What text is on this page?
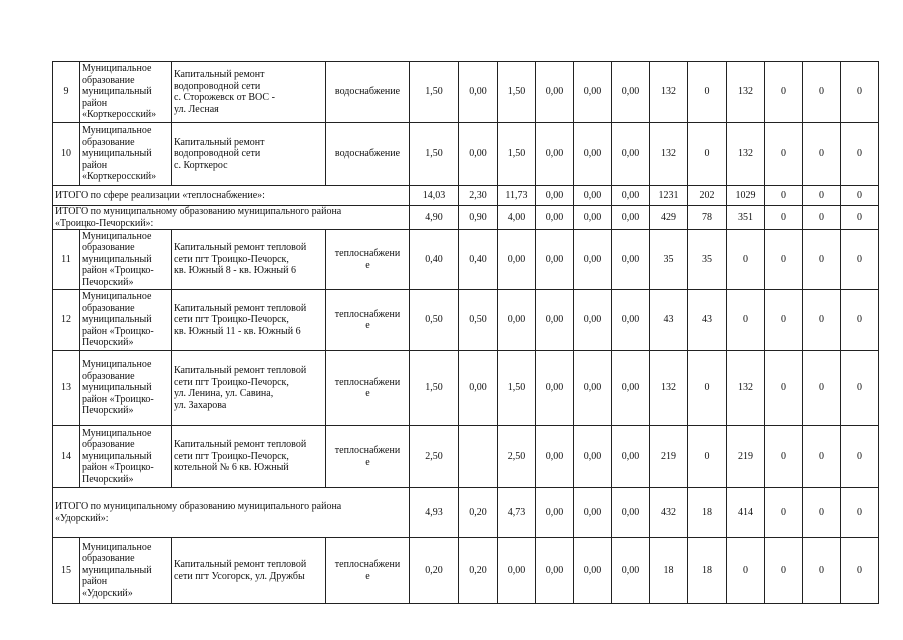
9	Муниципальное
образование
муниципальный
район
«Корткеросский»	Капитальный ремонт
водопроводной сети
с. Сторожевск от ВОС -
ул. Лесная	водоснабжение	1,50	0,00	1,50	0,00	0,00	0,00	132	0	132	0	0	0
10	Муниципальное
образование
муниципальный
район
«Корткеросский»	Капитальный ремонт
водопроводной сети
с. Корткерос	водоснабжение	1,50	0,00	1,50	0,00	0,00	0,00	132	0	132	0	0	0
ИТОГО по сфере реализации «теплоснабжение»:				14,03	2,30	11,73	0,00	0,00	0,00	1231	202	1029	0	0	0
ИТОГО по муниципальному образованию муниципального района
«Троицко-Печорский»:				4,90	0,90	4,00	0,00	0,00	0,00	429	78	351	0	0	0
11	Муниципальное
образование
муниципальный
район «Троицко-
Печорский»	Капитальный ремонт тепловой
сети пгт Троицко-Печорск,
кв. Южный 8 - кв. Южный 6	теплоснабжени
е	0,40	0,40	0,00	0,00	0,00	0,00	35	35	0	0	0	0
12	Муниципальное
образование
муниципальный
район «Троицко-
Печорский»	Капитальный ремонт тепловой
сети пгт Троицко-Печорск,
кв. Южный 11 - кв. Южный 6	теплоснабжени
е	0,50	0,50	0,00	0,00	0,00	0,00	43	43	0	0	0	0
13	Муниципальное
образование
муниципальный
район «Троицко-
Печорский»	Капитальный ремонт тепловой
сети пгт Троицко-Печорск,
ул. Ленина, ул. Савина,
ул. Захарова	теплоснабжени
е	1,50	0,00	1,50	0,00	0,00	0,00	132	0	132	0	0	0
14	Муниципальное
образование
муниципальный
район «Троицко-
Печорский»	Капитальный ремонт тепловой
сети пгт Троицко-Печорск,
котельной № 6 кв. Южный	теплоснабжени
е	2,50		2,50	0,00	0,00	0,00	219	0	219	0	0	0
ИТОГО по муниципальному образованию муниципального района
«Удорский»:				4,93	0,20	4,73	0,00	0,00	0,00	432	18	414	0	0	0
15	Муниципальное
образование
муниципальный
район
«Удорский»	Капитальный ремонт тепловой
сети пгт Усогорск, ул. Дружбы	теплоснабжени
е	0,20	0,20	0,00	0,00	0,00	0,00	18	18	0	0	0	0
